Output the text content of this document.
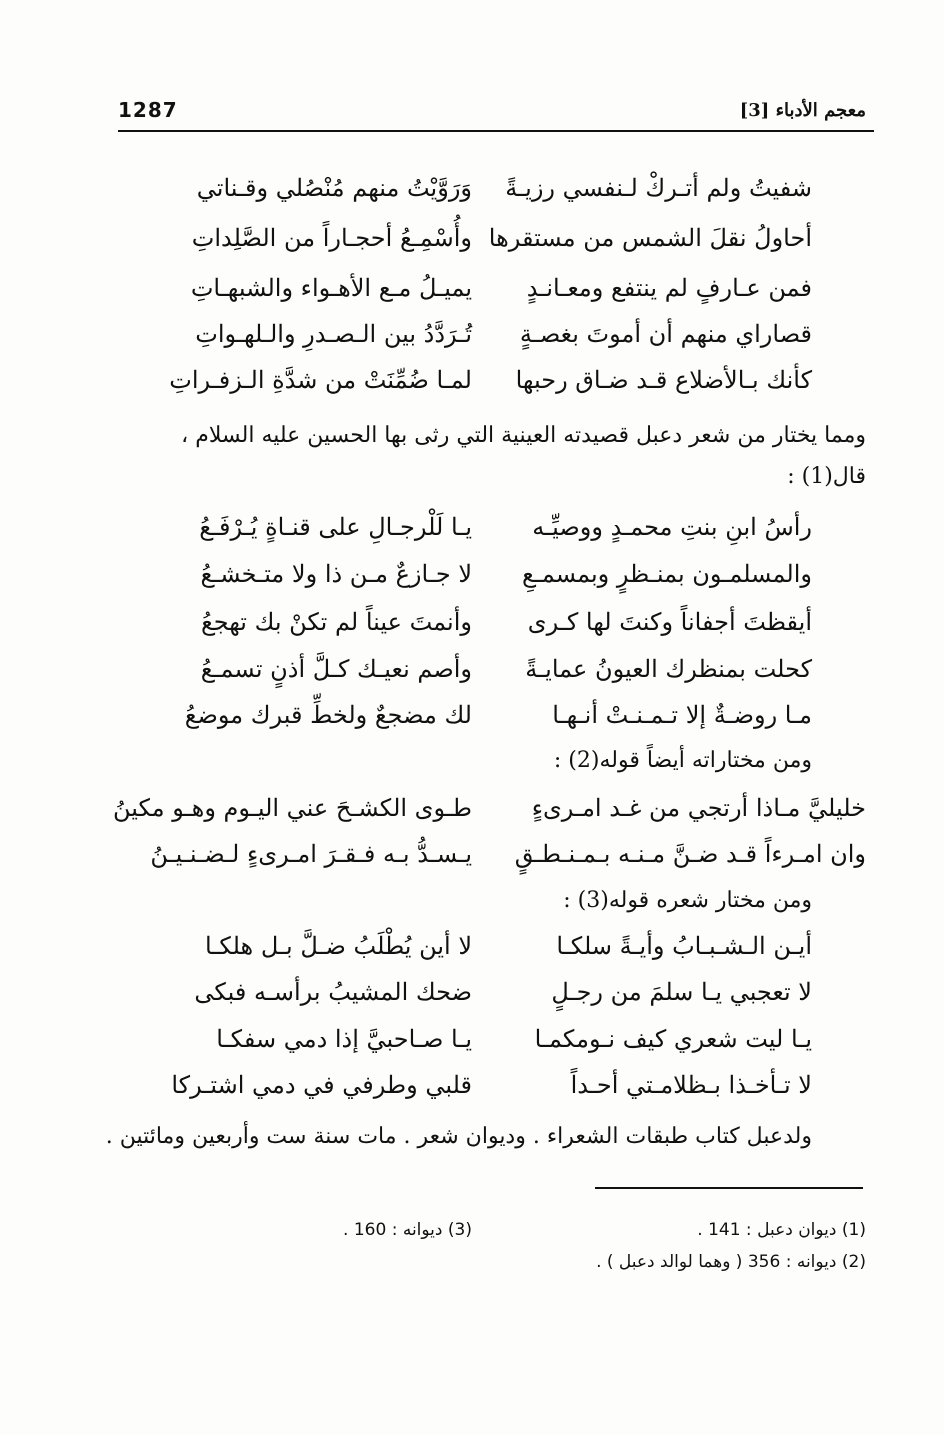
معجم الأدباء [3]
1287
شفيتُ ولم أتـركْ لـنفسي رزيـةً
وَرَوَّيْتُ منهم مُنْصُلي وقـناتي
أحاولُ نقلَ الشمس من مستقرها
وأُسْمِـعُ أحجـاراً من الصَّلِداتِ
فمن عـارفٍ لم ينتفع ومعـانـدٍ
يميـلُ مـع الأهـواء والشبهـاتِ
قصاراي منهم أن أموتَ بغصـةٍ
تُـرَدَّدُ بين الـصـدرِ والـلهـواتِ
كأنك بـالأضلاع قـد ضـاق رحبها
لمـا ضُمِّنَتْ من شدَّةِ الـزفـراتِ
ومما يختار من شعر دعبل قصيدته العينية التي رثى بها الحسين عليه السلام ،
قال(1) :
رأسُ ابنِ بنتِ محمـدٍ ووصيِّـه
يـا لَلْرجـالِ على قنـاةٍ يُـرْفَـعُ
والمسلمـون بمنـظرٍ وبمسمـعِ
لا جـازعٌ مـن ذا ولا متـخشـعُ
أيقظتَ أجفاناً وكنتَ لها كـرى
وأنمتَ عيناً لم تكنْ بك تهجعُ
كحلت بمنظرك العيونُ عمايـةً
وأصم نعيـك كـلَّ أذنٍ تسمـعُ
مـا روضـةٌ إلا تـمـنـتْ أنـهـا
لك مضجعٌ ولخطِّ قبرك موضعُ
ومن مختاراته أيضاً قوله(2) :
خليليَّ مـاذا أرتجي من غـد امـرىءٍ
طـوى الكشـحَ عني اليـوم وهـو مكينُ
وان امـرءاً قـد ضـنَّ مـنـه بـمـنـطـقٍ
يـسـدُّ بـه فـقـرَ امـرىءٍ لـضـنـيـنُ
ومن مختار شعره قوله(3) :
أيـن الـشـبـابُ وأيـةً سلكـا
لا أين يُطْلَبُ ضـلَّ بـل هلكـا
لا تعجبي يـا سلمَ من رجـلٍ
ضحك المشيبُ برأسـه فبكى
يـا ليت شعري كيف نـومكمـا
يـا صـاحبيَّ إذا دمي سفكـا
لا تـأخـذا بـظلامـتي أحـداً
قلبي وطرفي في دمي اشتـركا
ولدعبل كتاب طبقات الشعراء . وديوان شعر . مات سنة ست وأربعين ومائتين .
(1) ديوان دعبل : 141 .
(2) ديوانه : 356 ( وهما لوالد دعبل ) .
(3) ديوانه : 160 .
